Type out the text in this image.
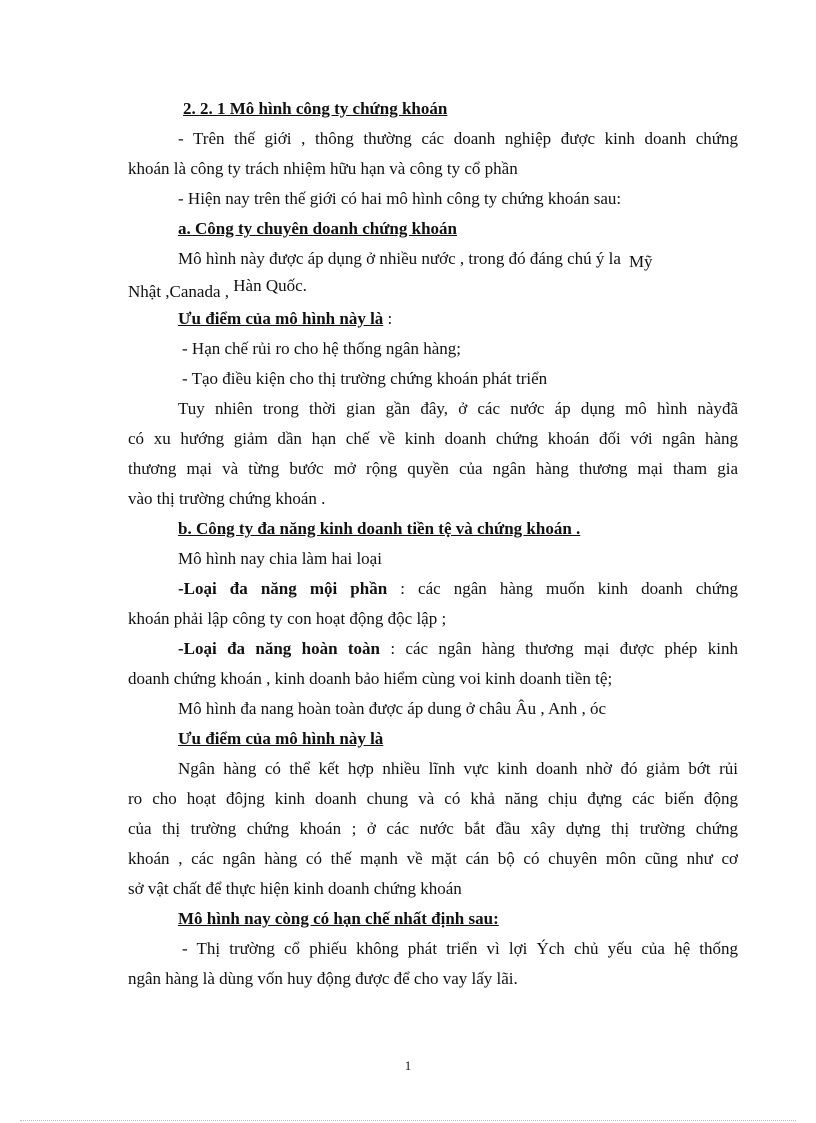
2. 2. 1 Mô hình công ty chứng khoán
- Trên thế giới , thông thường các doanh nghiệp được kinh doanh chứng
khoán là công ty trách nhiệm hữu hạn và công ty cổ phần
- Hiện nay trên thế giới có hai mô hình công ty chứng khoán sau:
a. Công ty chuyên doanh chứng khoán
Mô hình này được áp dụng ở nhiều nước , trong đó đáng chú ý la Mỹ
Nhật ,Canada , Hàn Quốc.
Ưu điểm của mô hình này là :
- Hạn chế rủi ro cho hệ thống ngân hàng;
- Tạo điều kiện cho thị trường chứng khoán phát triển
Tuy nhiên trong thời gian gần đây, ở các nước áp dụng mô hình nàyđã
có xu hướng giảm dần hạn chế về kinh doanh chứng khoán đối với ngân hàng
thương mại và từng bước mở rộng quyền của ngân hàng thương mại tham gia
vào thị trường chứng khoán .
b. Công ty đa năng kinh doanh tiền tệ và chứng khoán .
Mô hình nay chia làm hai loại
-Loại đa năng mội phần : các ngân hàng muốn kinh doanh chứng
khoán phải lập công ty con hoạt động độc lập ;
-Loại đa năng hoàn toàn : các ngân hàng thương mại được phép kinh
doanh chứng khoán , kinh doanh bảo hiểm cùng voi kinh doanh tiền tệ;
Mô hình đa nang hoàn toàn được áp dung ở châu Âu , Anh , óc
Ưu điểm của mô hình này là
Ngân hàng có thể kết hợp nhiều lĩnh vực kinh doanh nhờ đó giảm bớt rủi
ro cho hoạt đôjng kinh doanh chung và có khả năng chịu đựng các biến động
của thị trường chứng khoán ; ở các nước bắt đầu xây dựng thị trường chứng
khoán , các ngân hàng có thế mạnh về mặt cán bộ có chuyên môn cũng như cơ
sở vật chất để thực hiện kinh doanh chứng khoán
Mô hình nay còng có hạn chế nhất định sau:
- Thị trường cổ phiếu không phát triển vì lợi Ých chủ yếu của hệ thống
ngân hàng là dùng vốn huy động được để cho vay lấy lãi.
1
